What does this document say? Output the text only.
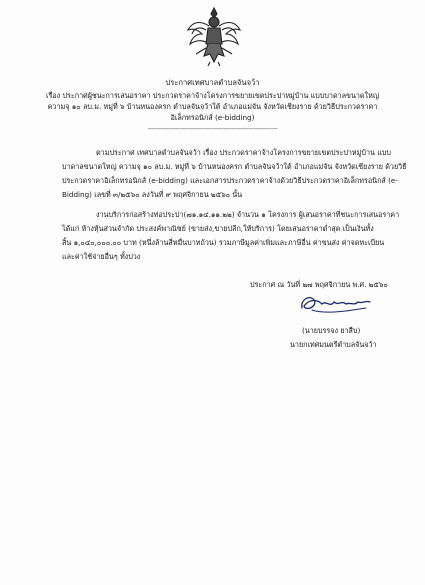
ประกาศเทศบาลตำบลจันจว้า
เรื่อง ประกาศผู้ชนะการเสนอราคา ประกวดราคาจ้างโครงการขยายเขตประปาหมู่บ้าน แบบบาดาลขนาดใหญ่
ความจุ ๑๐ ลบ.ม. หมู่ที่ ๖ บ้านหนองครก ตำบลจันจว้าใต้ อำเภอแม่จัน จังหวัดเชียงราย ด้วยวิธีประกวดราคา
อิเล็กทรอนิกส์ (e-bidding)
--------------------------------------------------------------
ตามประกาศ เทศบาลตำบลจันจว้า เรื่อง ประกวดราคาจ้างโครงการขยายเขตประปาหมู่บ้าน แบบ
บาดาลขนาดใหญ่ ความจุ ๑๐ ลบ.ม. หมู่ที่ ๖ บ้านหนองครก ตำบลจันจว้าใต้ อำเภอแม่จัน จังหวัดเชียงราย ด้วยวิธี
ประกวดราคาอิเล็กทรอนิกส์ (e-bidding) และเอกสารประกวดราคาจ้างด้วยวิธีประกวดราคาอิเล็กทรอนิกส์ (e-
Bidding) เลขที่ ๓/๒๕๖๐ ลงวันที่ ๙ พฤศจิกายน ๒๕๖๐ นั้น
งานบริการก่อสร้างท่อประปา(๗๑.๑๔.๑๑.๒๒) จำนวน ๑ โครงการ ผู้เสนอราคาที่ชนะการเสนอราคา
ได้แก่ ห้างหุ้นส่วนจำกัด ประสงค์พาณิชย์ (ขายส่ง,ขายปลีก,ให้บริการ) โดยเสนอราคาต่ำสุด เป็นเงินทั้ง
สิ้น ๑,๐๔๐,๐๐๐.๐๐ บาท (หนึ่งล้านสี่หมื่นบาทถ้วน) รวมภาษีมูลค่าเพิ่มและภาษีอื่น ค่าขนส่ง ค่าจดทะเบียน
และค่าใช้จ่ายอื่นๆ ทั้งปวง
ประกาศ ณ วันที่ ๒๗ พฤศจิกายน พ.ศ. ๒๕๖๐
(นายบรรจง ยาสืบ)
นายกเทศมนตรีตำบลจันจว้า
